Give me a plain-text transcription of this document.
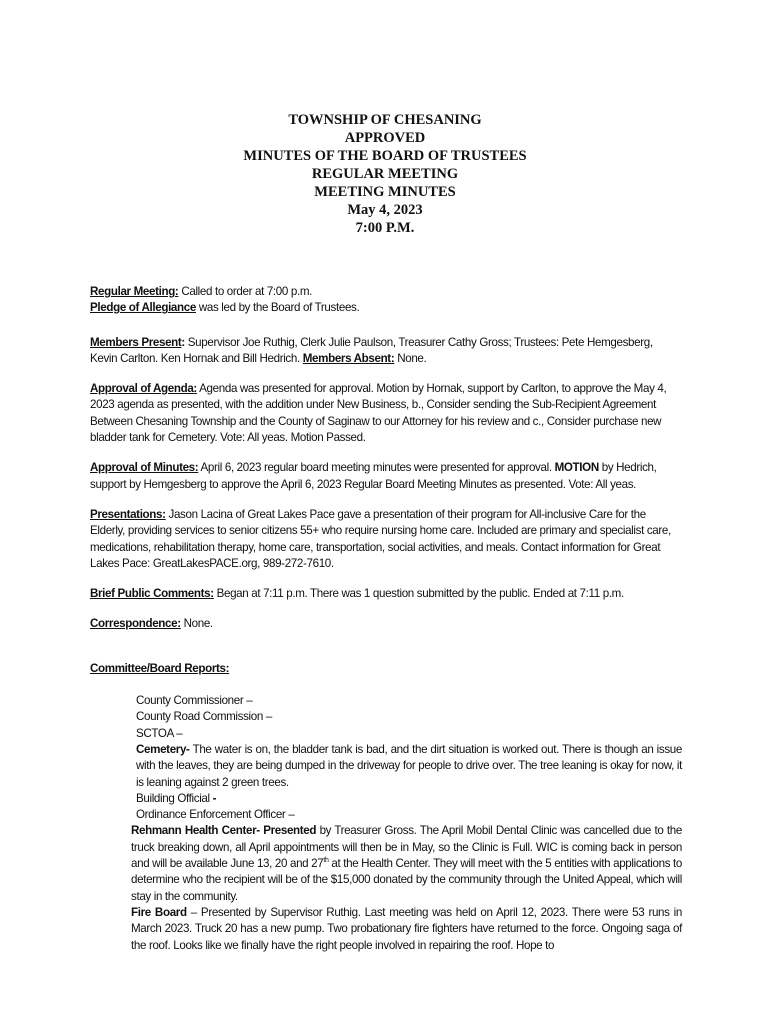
TOWNSHIP OF CHESANING
APPROVED
MINUTES OF THE BOARD OF TRUSTEES
REGULAR MEETING
MEETING MINUTES
May 4, 2023
7:00 P.M.
Regular Meeting: Called to order at 7:00 p.m.
Pledge of Allegiance was led by the Board of Trustees.
Members Present: Supervisor Joe Ruthig, Clerk Julie Paulson, Treasurer Cathy Gross; Trustees: Pete Hemgesberg, Kevin Carlton. Ken Hornak and Bill Hedrich. Members Absent: None.
Approval of Agenda: Agenda was presented for approval. Motion by Hornak, support by Carlton, to approve the May 4, 2023 agenda as presented, with the addition under New Business, b., Consider sending the Sub-Recipient Agreement Between Chesaning Township and the County of Saginaw to our Attorney for his review and c., Consider purchase new bladder tank for Cemetery. Vote: All yeas. Motion Passed.
Approval of Minutes: April 6, 2023 regular board meeting minutes were presented for approval. MOTION by Hedrich, support by Hemgesberg to approve the April 6, 2023 Regular Board Meeting Minutes as presented. Vote: All yeas.
Presentations: Jason Lacina of Great Lakes Pace gave a presentation of their program for All-inclusive Care for the Elderly, providing services to senior citizens 55+ who require nursing home care. Included are primary and specialist care, medications, rehabilitation therapy, home care, transportation, social activities, and meals. Contact information for Great Lakes Pace: GreatLakesPACE.org, 989-272-7610.
Brief Public Comments: Began at 7:11 p.m. There was 1 question submitted by the public. Ended at 7:11 p.m.
Correspondence: None.
Committee/Board Reports:
County Commissioner –
County Road Commission –
SCTOA –
Cemetery- The water is on, the bladder tank is bad, and the dirt situation is worked out. There is though an issue with the leaves, they are being dumped in the driveway for people to drive over. The tree leaning is okay for now, it is leaning against 2 green trees.
Building Official -
Ordinance Enforcement Officer –
Rehmann Health Center- Presented by Treasurer Gross. The April Mobil Dental Clinic was cancelled due to the truck breaking down, all April appointments will then be in May, so the Clinic is Full. WIC is coming back in person and will be available June 13, 20 and 27th at the Health Center. They will meet with the 5 entities with applications to determine who the recipient will be of the $15,000 donated by the community through the United Appeal, which will stay in the community.
Fire Board – Presented by Supervisor Ruthig. Last meeting was held on April 12, 2023. There were 53 runs in March 2023. Truck 20 has a new pump. Two probationary fire fighters have returned to the force. Ongoing saga of the roof. Looks like we finally have the right people involved in repairing the roof. Hope to
